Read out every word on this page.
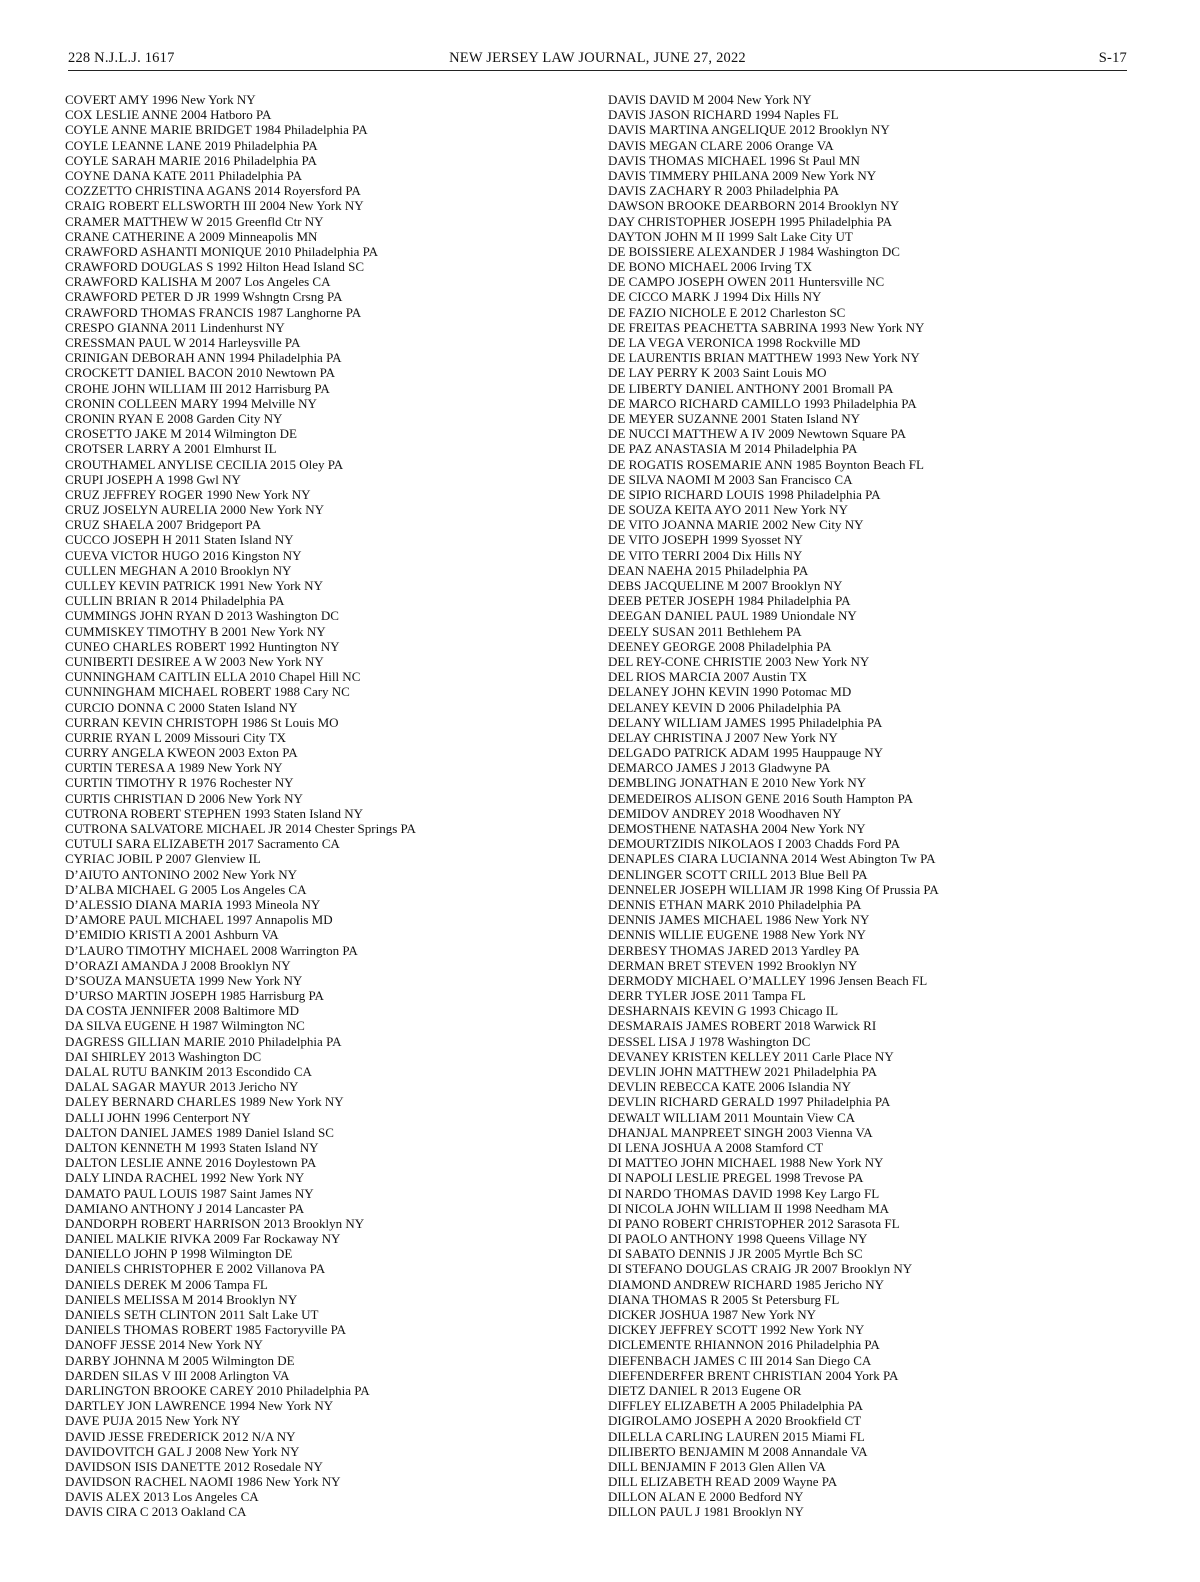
228 N.J.L.J. 1617	NEW JERSEY LAW JOURNAL, JUNE 27, 2022	S-17
COVERT AMY 1996 New York NY
COX LESLIE ANNE 2004 Hatboro PA
COYLE ANNE MARIE BRIDGET 1984 Philadelphia PA
COYLE LEANNE LANE 2019 Philadelphia PA
COYLE SARAH MARIE 2016 Philadelphia PA
COYNE DANA KATE 2011 Philadelphia PA
COZZETTO CHRISTINA AGANS 2014 Royersford PA
CRAIG ROBERT ELLSWORTH III 2004 New York NY
CRAMER MATTHEW W 2015 Greenfld Ctr NY
CRANE CATHERINE A 2009 Minneapolis MN
CRAWFORD ASHANTI MONIQUE 2010 Philadelphia PA
CRAWFORD DOUGLAS S 1992 Hilton Head Island SC
CRAWFORD KALISHA M 2007 Los Angeles CA
CRAWFORD PETER D JR 1999 Wshngtn Crsng PA
CRAWFORD THOMAS FRANCIS 1987 Langhorne PA
CRESPO GIANNA 2011 Lindenhurst NY
CRESSMAN PAUL W 2014 Harleysville PA
CRINIGAN DEBORAH ANN 1994 Philadelphia PA
CROCKETT DANIEL BACON 2010 Newtown PA
CROHE JOHN WILLIAM III 2012 Harrisburg PA
CRONIN COLLEEN MARY 1994 Melville NY
CRONIN RYAN E 2008 Garden City NY
CROSETTO JAKE M 2014 Wilmington DE
CROTSER LARRY A 2001 Elmhurst IL
CROUTHAMEL ANYLISE CECILIA 2015 Oley PA
CRUPI JOSEPH A 1998 Gwl NY
CRUZ JEFFREY ROGER 1990 New York NY
CRUZ JOSELYN AURELIA 2000 New York NY
CRUZ SHAELA 2007 Bridgeport PA
CUCCO JOSEPH H 2011 Staten Island NY
CUEVA VICTOR HUGO 2016 Kingston NY
CULLEN MEGHAN A 2010 Brooklyn NY
CULLEY KEVIN PATRICK 1991 New York NY
CULLIN BRIAN R 2014 Philadelphia PA
CUMMINGS JOHN RYAN D 2013 Washington DC
CUMMISKEY TIMOTHY B 2001 New York NY
CUNEO CHARLES ROBERT 1992 Huntington NY
CUNIBERTI DESIREE A W 2003 New York NY
CUNNINGHAM CAITLIN ELLA 2010 Chapel Hill NC
CUNNINGHAM MICHAEL ROBERT 1988 Cary NC
CURCIO DONNA C 2000 Staten Island NY
CURRAN KEVIN CHRISTOPH 1986 St Louis MO
CURRIE RYAN L 2009 Missouri City TX
CURRY ANGELA KWEON 2003 Exton PA
CURTIN TERESA A 1989 New York NY
CURTIN TIMOTHY R 1976 Rochester NY
CURTIS CHRISTIAN D 2006 New York NY
CUTRONA ROBERT STEPHEN 1993 Staten Island NY
CUTRONA SALVATORE MICHAEL JR 2014 Chester Springs PA
CUTULI SARA ELIZABETH 2017 Sacramento CA
CYRIAC JOBIL P 2007 Glenview IL
D’AIUTO ANTONINO 2002 New York NY
D’ALBA MICHAEL G 2005 Los Angeles CA
D’ALESSIO DIANA MARIA 1993 Mineola NY
D’AMORE PAUL MICHAEL 1997 Annapolis MD
D’EMIDIO KRISTI A 2001 Ashburn VA
D’LAURO TIMOTHY MICHAEL 2008 Warrington PA
D’ORAZI AMANDA J 2008 Brooklyn NY
D’SOUZA MANSUETA 1999 New York NY
D’URSO MARTIN JOSEPH 1985 Harrisburg PA
DA COSTA JENNIFER 2008 Baltimore MD
DA SILVA EUGENE H 1987 Wilmington NC
DAGRESS GILLIAN MARIE 2010 Philadelphia PA
DAI SHIRLEY 2013 Washington DC
DALAL RUTU BANKIM 2013 Escondido CA
DALAL SAGAR MAYUR 2013 Jericho NY
DALEY BERNARD CHARLES 1989 New York NY
DALLI JOHN 1996 Centerport NY
DALTON DANIEL JAMES 1989 Daniel Island SC
DALTON KENNETH M 1993 Staten Island NY
DALTON LESLIE ANNE 2016 Doylestown PA
DALY LINDA RACHEL 1992 New York NY
DAMATO PAUL LOUIS 1987 Saint James NY
DAMIANO ANTHONY J 2014 Lancaster PA
DANDORPH ROBERT HARRISON 2013 Brooklyn NY
DANIEL MALKIE RIVKA 2009 Far Rockaway NY
DANIELLO JOHN P 1998 Wilmington DE
DANIELS CHRISTOPHER E 2002 Villanova PA
DANIELS DEREK M 2006 Tampa FL
DANIELS MELISSA M 2014 Brooklyn NY
DANIELS SETH CLINTON 2011 Salt Lake UT
DANIELS THOMAS ROBERT 1985 Factoryville PA
DANOFF JESSE 2014 New York NY
DARBY JOHNNA M 2005 Wilmington DE
DARDEN SILAS V III 2008 Arlington VA
DARLINGTON BROOKE CAREY 2010 Philadelphia PA
DARTLEY JON LAWRENCE 1994 New York NY
DAVE PUJA 2015 New York NY
DAVID JESSE FREDERICK 2012 N/A NY
DAVIDOVITCH GAL J 2008 New York NY
DAVIDSON ISIS DANETTE 2012 Rosedale NY
DAVIDSON RACHEL NAOMI 1986 New York NY
DAVIS ALEX 2013 Los Angeles CA
DAVIS CIRA C 2013 Oakland CA
DAVIS DAVID M 2004 New York NY
DAVIS JASON RICHARD 1994 Naples FL
DAVIS MARTINA ANGELIQUE 2012 Brooklyn NY
DAVIS MEGAN CLARE 2006 Orange VA
DAVIS THOMAS MICHAEL 1996 St Paul MN
DAVIS TIMMERY PHILANA 2009 New York NY
DAVIS ZACHARY R 2003 Philadelphia PA
DAWSON BROOKE DEARBORN 2014 Brooklyn NY
DAY CHRISTOPHER JOSEPH 1995 Philadelphia PA
DAYTON JOHN M II 1999 Salt Lake City UT
DE BOISSIERE ALEXANDER J 1984 Washington DC
DE BONO MICHAEL 2006 Irving TX
DE CAMPO JOSEPH OWEN 2011 Huntersville NC
DE CICCO MARK J 1994 Dix Hills NY
DE FAZIO NICHOLE E 2012 Charleston SC
DE FREITAS PEACHETTA SABRINA 1993 New York NY
DE LA VEGA VERONICA 1998 Rockville MD
DE LAURENTIS BRIAN MATTHEW 1993 New York NY
DE LAY PERRY K 2003 Saint Louis MO
DE LIBERTY DANIEL ANTHONY 2001 Bromall PA
DE MARCO RICHARD CAMILLO 1993 Philadelphia PA
DE MEYER SUZANNE 2001 Staten Island NY
DE NUCCI MATTHEW A IV 2009 Newtown Square PA
DE PAZ ANASTASIA M 2014 Philadelphia PA
DE ROGATIS ROSEMARIE ANN 1985 Boynton Beach FL
DE SILVA NAOMI M 2003 San Francisco CA
DE SIPIO RICHARD LOUIS 1998 Philadelphia PA
DE SOUZA KEITA AYO 2011 New York NY
DE VITO JOANNA MARIE 2002 New City NY
DE VITO JOSEPH 1999 Syosset NY
DE VITO TERRI 2004 Dix Hills NY
DEAN NAEHA 2015 Philadelphia PA
DEBS JACQUELINE M 2007 Brooklyn NY
DEEB PETER JOSEPH 1984 Philadelphia PA
DEEGAN DANIEL PAUL 1989 Uniondale NY
DEELY SUSAN 2011 Bethlehem PA
DEENEY GEORGE 2008 Philadelphia PA
DEL REY-CONE CHRISTIE 2003 New York NY
DEL RIOS MARCIA 2007 Austin TX
DELANEY JOHN KEVIN 1990 Potomac MD
DELANEY KEVIN D 2006 Philadelphia PA
DELANY WILLIAM JAMES 1995 Philadelphia PA
DELAY CHRISTINA J 2007 New York NY
DELGADO PATRICK ADAM 1995 Hauppauge NY
DEMARCO JAMES J 2013 Gladwyne PA
DEMBLING JONATHAN E 2010 New York NY
DEMEDEIROS ALISON GENE 2016 South Hampton PA
DEMIDOV ANDREY 2018 Woodhaven NY
DEMOSTHENE NATASHA 2004 New York NY
DEMOURTZIDIS NIKOLAOS I 2003 Chadds Ford PA
DENAPLES CIARA LUCIANNA 2014 West Abington Tw PA
DENLINGER SCOTT CRILL 2013 Blue Bell PA
DENNELER JOSEPH WILLIAM JR 1998 King Of Prussia PA
DENNIS ETHAN MARK 2010 Philadelphia PA
DENNIS JAMES MICHAEL 1986 New York NY
DENNIS WILLIE EUGENE 1988 New York NY
DERBESY THOMAS JARED 2013 Yardley PA
DERMAN BRET STEVEN 1992 Brooklyn NY
DERMODY MICHAEL O’MALLEY 1996 Jensen Beach FL
DERR TYLER JOSE 2011 Tampa FL
DESHARNAIS KEVIN G 1993 Chicago IL
DESMARAIS JAMES ROBERT 2018 Warwick RI
DESSEL LISA J 1978 Washington DC
DEVANEY KRISTEN KELLEY 2011 Carle Place NY
DEVLIN JOHN MATTHEW 2021 Philadelphia PA
DEVLIN REBECCA KATE 2006 Islandia NY
DEVLIN RICHARD GERALD 1997 Philadelphia PA
DEWALT WILLIAM 2011 Mountain View CA
DHANJAL MANPREET SINGH 2003 Vienna VA
DI LENA JOSHUA A 2008 Stamford CT
DI MATTEO JOHN MICHAEL 1988 New York NY
DI NAPOLI LESLIE PREGEL 1998 Trevose PA
DI NARDO THOMAS DAVID 1998 Key Largo FL
DI NICOLA JOHN WILLIAM II 1998 Needham MA
DI PANO ROBERT CHRISTOPHER 2012 Sarasota FL
DI PAOLO ANTHONY 1998 Queens Village NY
DI SABATO DENNIS J JR 2005 Myrtle Bch SC
DI STEFANO DOUGLAS CRAIG JR 2007 Brooklyn NY
DIAMOND ANDREW RICHARD 1985 Jericho NY
DIANA THOMAS R 2005 St Petersburg FL
DICKER JOSHUA 1987 New York NY
DICKEY JEFFREY SCOTT 1992 New York NY
DICLEMENTE RHIANNON 2016 Philadelphia PA
DIEFENBACH JAMES C III 2014 San Diego CA
DIEFENDERFER BRENT CHRISTIAN 2004 York PA
DIETZ DANIEL R 2013 Eugene OR
DIFFLEY ELIZABETH A 2005 Philadelphia PA
DIGIROLAMO JOSEPH A 2020 Brookfield CT
DILELLA CARLING LAUREN 2015 Miami FL
DILIBERTO BENJAMIN M 2008 Annandale VA
DILL BENJAMIN F 2013 Glen Allen VA
DILL ELIZABETH READ 2009 Wayne PA
DILLON ALAN E 2000 Bedford NY
DILLON PAUL J 1981 Brooklyn NY
